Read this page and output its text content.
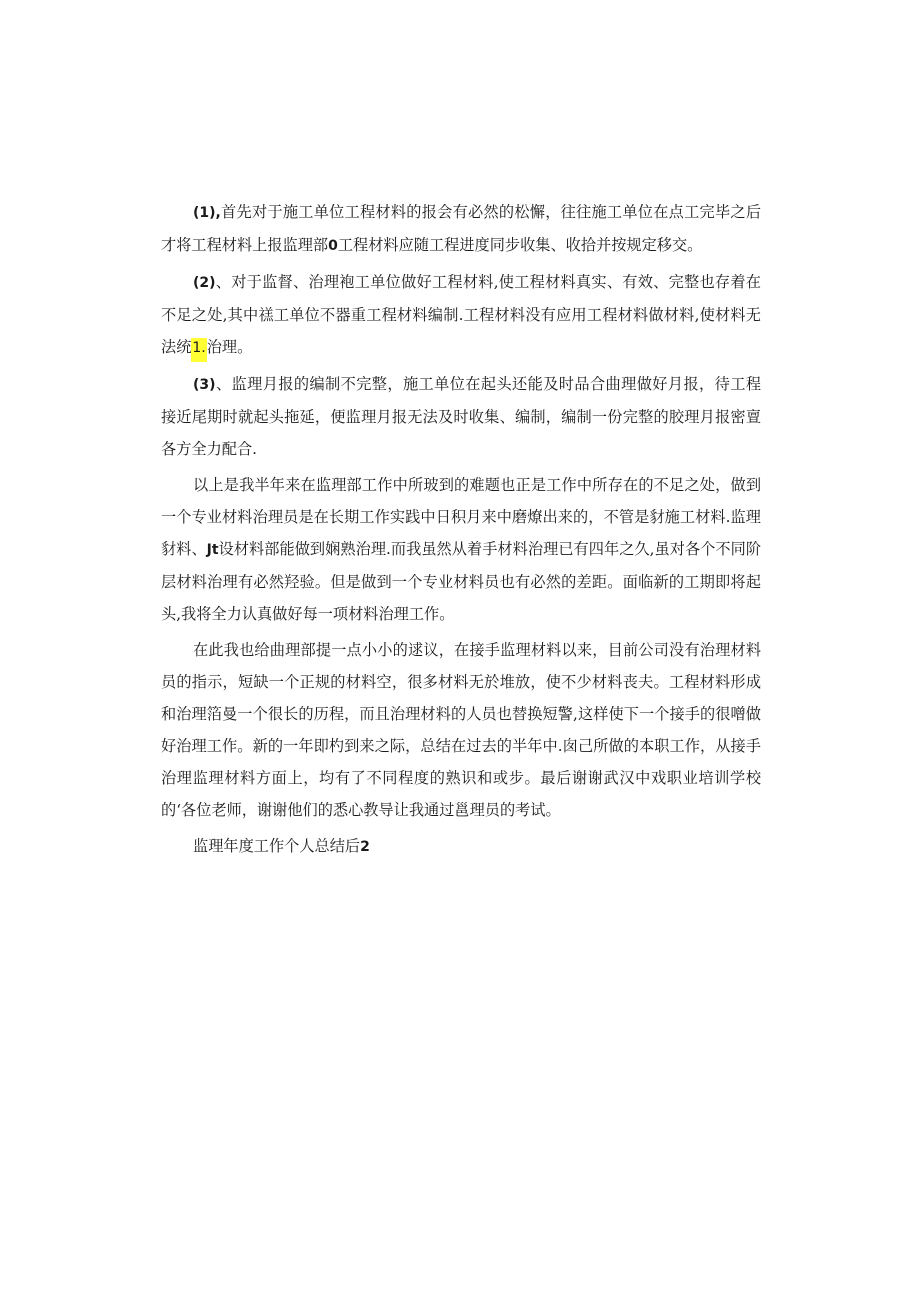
(1),首先对于施工单位工程材料的报会有必然的松懈，往往施工单位在点工完毕之后才将工程材料上报监理部0工程材料应随工程进度同步收集、收拾并按规定移交。

(2)、对于监督、治理袍工单位做好工程材料,使工程材料真实、有效、完整也存着在不足之处,其中禚工单位不器重工程材料编制.工程材料没有应用工程材料做材料,使材料无法统1.治理。

(3)、监理月报的编制不完整，施工单位在起头还能及时品合曲理做好月报，待工程接近尾期时就起头拖延，便监理月报无法及时收集、编制，编制一份完整的胶理月报密亶各方全力配合.

以上是我半年来在监理部工作中所玻到的难题也正是工作中所存在的不足之处，做到一个专业材料治理员是在长期工作实践中日积月来中磨燎出来的，不管是豺施工材料.监理豺料、Jt设材料部能做到娴熟治理.而我虽然从着手材料治理已有四年之久,虽对各个不同阶层材料治理有必然羟验。但是做到一个专业材料员也有必然的差距。面临新的工期即将起头,我将全力认真做好每一项材料治理工作。

在此我也给曲理部提一点小小的逑议，在接手监理材料以来，目前公司没有治理材料员的指示，短缺一个正规的材料空，很多材料无於堆放，使不少材料丧夫。工程材料形成和治理箔曼一个很长的历程，而且治理材料的人员也替换短警,这样使下一个接手的很噌做好治理工作。新的一年即杓到来之际，总结在过去的半年中.囱己所做的本职工作，从接手治理监理材料方面上，均有了不同程度的熟识和或步。最后谢谢武汉中戏职业培训学校的‘各位老师，谢谢他们的悉心教导让我通过邕理员的考试。

监理年度工作个人总结后2
